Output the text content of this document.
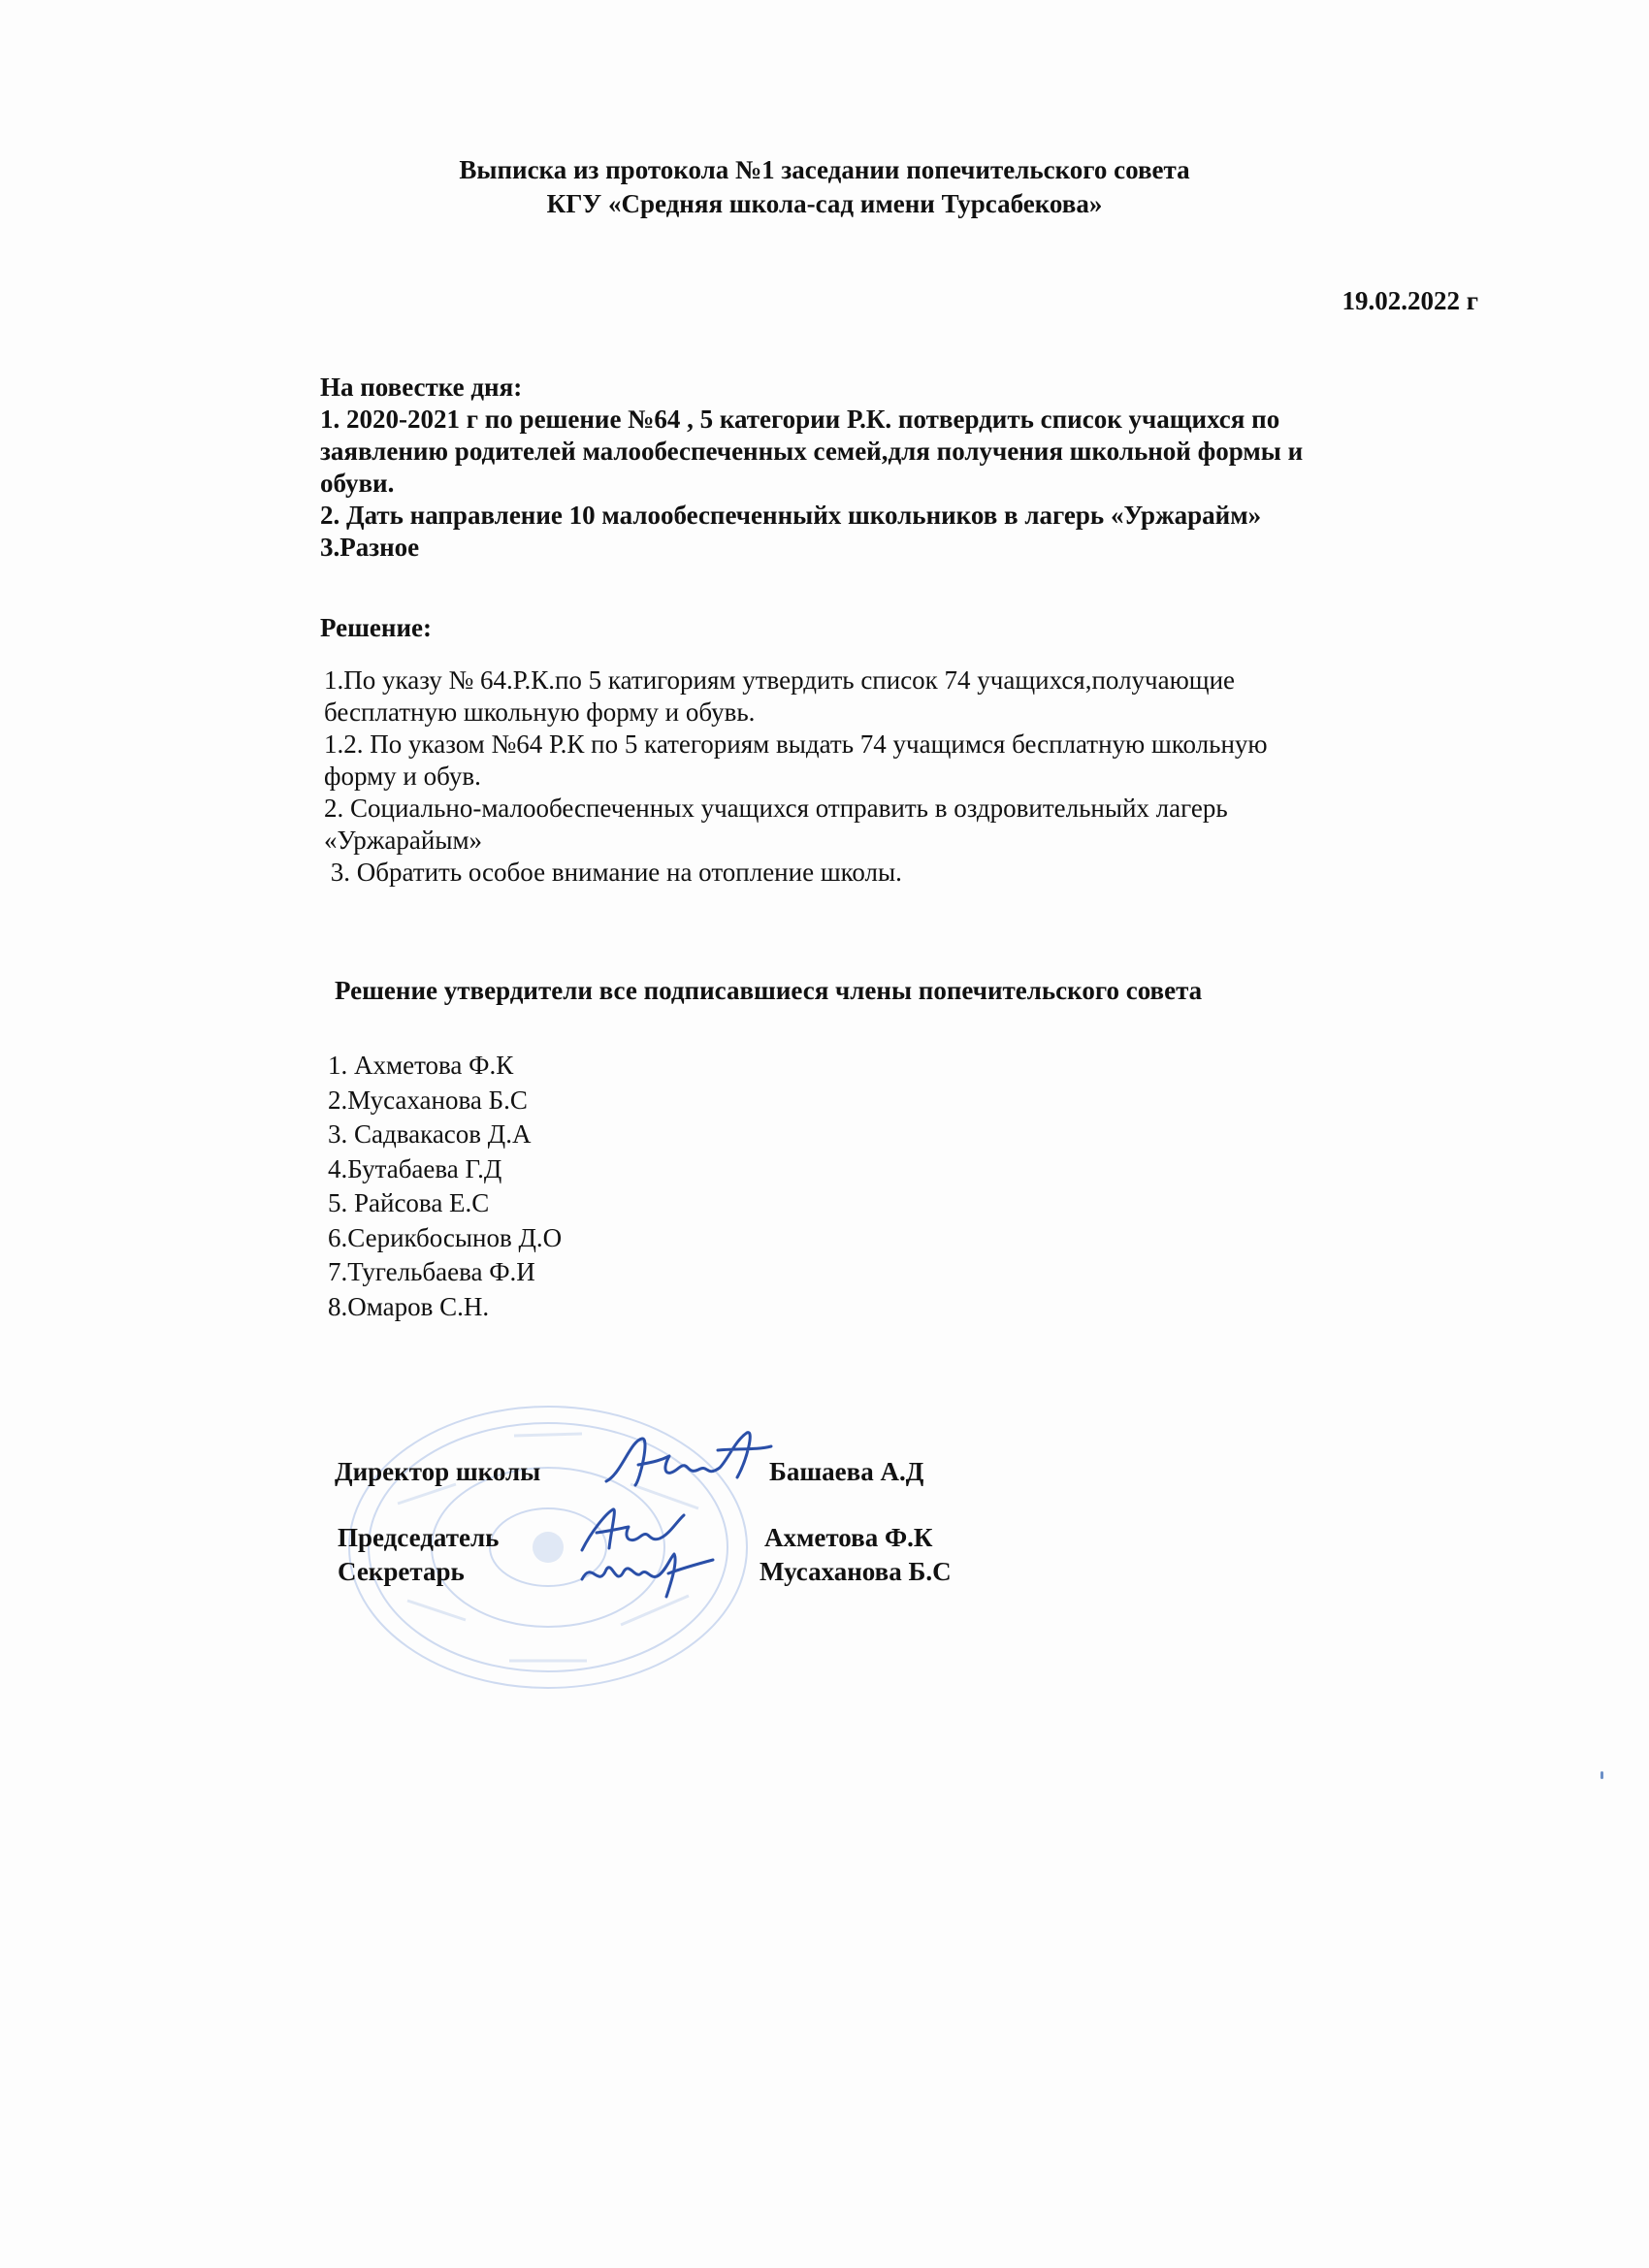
Выписка из протокола №1 заседании попечительского совета
КГУ «Средняя школа-сад имени Турсабекова»
19.02.2022 г
На повестке дня:
1. 2020-2021 г по решение №64 , 5 категории Р.К. потвердить список учащихся по
заявлению родителей малообеспеченных семей,для получения школьной формы и
обуви.
2. Дать направление 10 малообеспеченныйх школьников в лагерь «Уржарайм»
3.Разное
Решение:
1.По указу № 64.Р.К.по 5 катигориям утвердить список 74 учащихся,получающие
бесплатную школьную форму и обувь.
1.2. По указом №64 Р.К по 5 категориям выдать 74 учащимся бесплатную школьную
форму и обув.
2. Социально-малообеспеченных учащихся отправить в оздровительныйх лагерь
«Уржарайым»
3. Обратить особое внимание на отопление школы.
Решение утвердители все подписавшиеся члены попечительского совета
1. Ахметова Ф.К
2.Мусаханова Б.С
3. Садвакасов Д.А
4.Бутабаева Г.Д
5. Райсова Е.С
6.Серикбосынов Д.О
7.Тугельбаева Ф.И
8.Омаров С.Н.
Директор школы	Башаева А.Д
Председатель	Ахметова Ф.К
Секретарь	Мусаханова Б.С
